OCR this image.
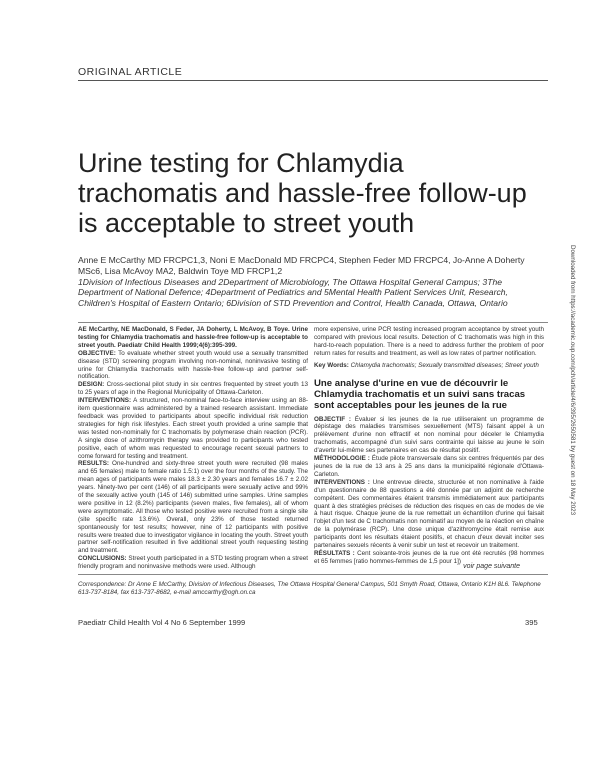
ORIGINAL ARTICLE
Urine testing for Chlamydia trachomatis and hassle-free follow-up is acceptable to street youth
Anne E McCarthy MD FRCPC1,3, Noni E MacDonald MD FRCPC4, Stephen Feder MD FRCPC4, Jo-Anne A Doherty MSc6, Lisa McAvoy MA2, Baldwin Toye MD FRCP1,2
1Division of Infectious Diseases and 2Department of Microbiology, The Ottawa Hospital General Campus; 3The Department of National Defence; 4Department of Pediatrics and 5Mental Health Patient Services Unit, Research, Children's Hospital of Eastern Ontario; 6Division of STD Prevention and Control, Health Canada, Ottawa, Ontario

AE McCarthy, NE MacDonald, S Feder, JA Doherty, L McAvoy, B Toye. Urine testing for Chlamydia trachomatis and hassle-free follow-up is acceptable to street youth. Paediatr Child Health 1999;4(6):395-399.

OBJECTIVE: To evaluate whether street youth would use a sexually transmitted disease (STD) screening program involving non-nominal, noninvasive testing of urine for Chlamydia trachomatis with hassle-free follow-up and partner self-notification.

DESIGN: Cross-sectional pilot study in six centres frequented by street youth 13 to 25 years of age in the Regional Municipality of Ottawa-Carleton.

INTERVENTIONS: A structured, non-nominal face-to-face interview using an 88-item questionnaire was administered by a trained research assistant. Immediate feedback was provided to participants about specific individual risk reduction strategies for high risk lifestyles. Each street youth provided a urine sample that was tested non-nominally for C trachomatis by polymerase chain reaction (PCR). A single dose of azithromycin therapy was provided to participants who tested positive, each of whom was requested to encourage recent sexual partners to come forward for testing and treatment.

RESULTS: One-hundred and sixty-three street youth were recruited (98 males and 65 females) male to female ratio 1.5:1) over the four months of the study. The mean ages of participants were males 18.3 ± 2.30 years and females 16.7 ± 2.02 years. Ninety-two per cent (146) of all participants were sexually active and 99% of the sexually active youth (145 of 146) submitted urine samples. Urine samples were positive in 12 (8.2%) participants (seven males, five females), all of whom were asymptomatic. All those who tested positive were recruited from a single site (site specific rate 13.6%). Overall, only 23% of those tested returned spontaneously for test results; however, nine of 12 participants with positive results were treated due to investigator vigilance in locating the youth. Street youth partner self-notification resulted in five additional street youth requesting testing and treatment.

CONCLUSIONS: Street youth participated in a STD testing program when a street friendly program and noninvasive methods were used. Although

more expensive, urine PCR testing increased program acceptance by street youth compared with previous local results. Detection of C trachomatis was high in this hard-to-reach population. There is a need to address further the problem of poor return rates for results and treatment, as well as low rates of partner notification.

Key Words: Chlamydia trachomatis; Sexually transmitted diseases; Street youth

Une analyse d'urine en vue de découvrir le Chlamydia trachomatis et un suivi sans tracas sont acceptables pour les jeunes de la rue

OBJECTIF : Évaluer si les jeunes de la rue utiliseraient un programme de dépistage des maladies transmises sexuellement (MTS) faisant appel à un prélèvement d'urine non effractif et non nominal pour déceler le Chlamydia trachomatis, accompagné d'un suivi sans contrainte qui laisse au jeune le soin d'avertir lui-même ses partenaires en cas de résultat positif.

MÉTHODOLOGIE : Étude pilote transversale dans six centres fréquentés par des jeunes de la rue de 13 ans à 25 ans dans la municipalité régionale d'Ottawa-Carleton.

INTERVENTIONS : Une entrevue directe, structurée et non nominative à l'aide d'un questionnaire de 88 questions a été donnée par un adjoint de recherche compétent. Des commentaires étaient transmis immédiatement aux participants quant à des stratégies précises de réduction des risques en cas de modes de vie à haut risque. Chaque jeune de la rue remettait un échantillon d'urine qui faisait l'objet d'un test de C trachomatis non nominatif au moyen de la réaction en chaîne de la polymérase (RCP). Une dose unique d'azithromycine était remise aux participants dont les résultats étaient positifs, et chacun d'eux devait inciter ses partenaires sexuels récents à venir subir un test et recevoir un traitement.

RÉSULTATS : Cent soixante-trois jeunes de la rue ont été recrutés (98 hommes et 65 femmes [ratio hommes-femmes de 1,5 pour 1])

voir page suivante
Correspondence: Dr Anne E McCarthy, Division of Infectious Diseases, The Ottawa Hospital General Campus, 501 Smyth Road, Ottawa, Ontario K1H 8L6. Telephone 613-737-8184, fax 613-737-8682, e-mail amccarthy@ogh.on.ca
Paediatr Child Health Vol 4 No 6 September 1999	395
Downloaded from https://academic.oup.com/pch/article/4/6/395/2650581 by guest on 18 May 2023
